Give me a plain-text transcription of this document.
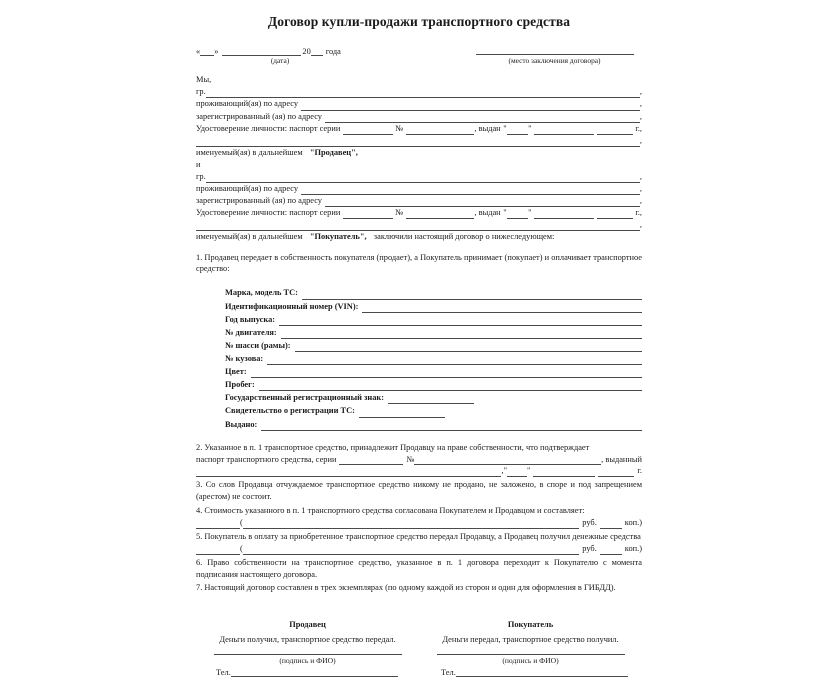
Договор купли-продажи транспортного средства
« »	20 года
(дата)	(место заключения договора)
Мы,
гр.	,
проживающий(ая) по адресу	,
зарегистрированный (ая) по адресу	,
Удостоверение личности: паспорт серии	№	, выдан "	"	г.,
,
именуемый(ая) в дальнейшем "Продавец",
и
гр.	,
проживающий(ая) по адресу	,
зарегистрированный (ая) по адресу	,
Удостоверение личности: паспорт серии	№	, выдан "	"	г.,
,
именуемый(ая) в дальнейшем "Покупатель", заключили настоящий договор о нижеследующем:
1. Продавец передает в собственность покупателя (продает), а Покупатель принимает (покупает) и оплачивает транспортное средство:
Марка, модель ТС:
Идентификационный номер (VIN):
Год выпуска:
№ двигателя:
№ шасси (рамы):
№ кузова:
Цвет:
Пробег:
Государственный регистрационный знак:
Свидетельство о регистрации ТС:
Выдано:
2. Указанное в п. 1 транспортное средство, принадлежит Продавцу на праве собственности, что подтверждает
паспорт транспортного средства, серии	№	, выданный
, " "	г.
3. Со слов Продавца отчуждаемое транспортное средство никому не продано, не заложено, в споре и под запрещением (арестом) не состоит.
4. Стоимость указанного в п. 1 транспортного средства согласована Покупателем и Продавцом и составляет:
(	руб.	коп.)
5. Покупатель в оплату за приобретенное транспортное средство передал Продавцу, а Продавец получил денежные средства
(	руб.	коп.)
6. Право собственности на транспортное средство, указанное в п. 1 договора переходит к Покупателю с момента подписания настоящего договора.
7. Настоящий договор составлен в трех экземплярах (по одному каждой из сторон и один для оформления в ГИБДД).
Продавец
Деньги получил, транспортное средство передал.
(подпись и ФИО)
Тел.
Покупатель
Деньги передал, транспортное средство получил.
(подпись и ФИО)
Тел.
